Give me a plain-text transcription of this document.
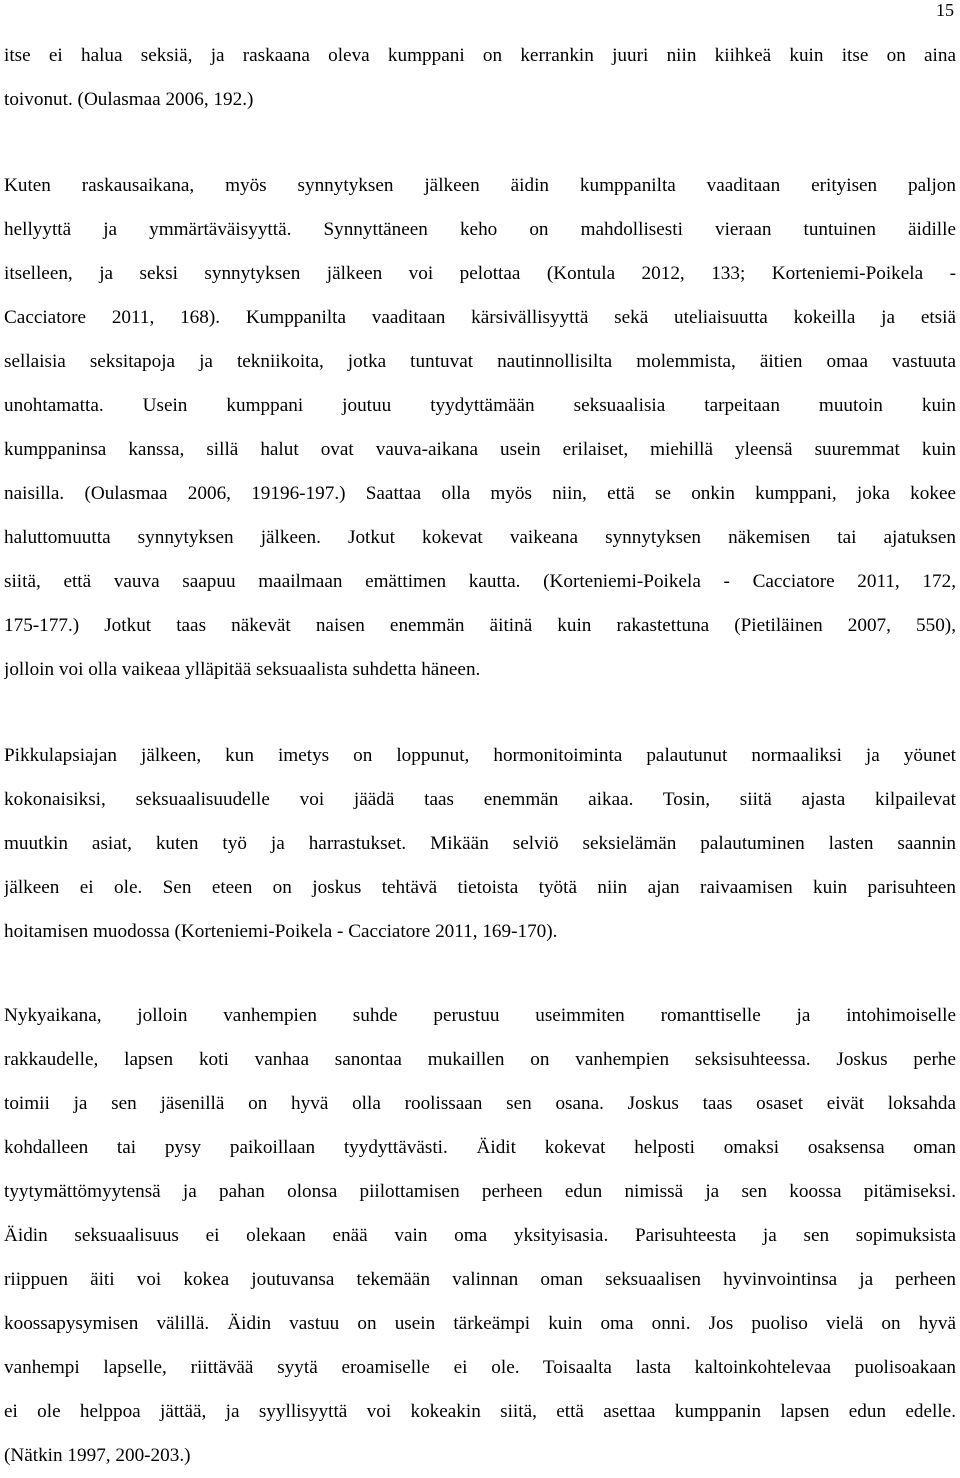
15
itse ei halua seksiä, ja raskaana oleva kumppani on kerrankin juuri niin kiihkeä kuin itse on aina
toivonut. (Oulasmaa 2006, 192.)
Kuten raskausaikana, myös synnytyksen jälkeen äidin kumppanilta vaaditaan erityisen paljon
hellyyttä ja ymmärtäväisyyttä. Synnyttäneen keho on mahdollisesti vieraan tuntuinen äidille
itselleen, ja seksi synnytyksen jälkeen voi pelottaa (Kontula 2012, 133; Korteniemi-Poikela -
Cacciatore 2011, 168). Kumppanilta vaaditaan kärsivällisyyttä sekä uteliaisuutta kokeilla ja etsiä
sellaisia seksitapoja ja tekniikoita, jotka tuntuvat nautinnollisilta molemmista, äitien omaa vastuuta
unohtamatta. Usein kumppani joutuu tyydyttämään seksuaalisia tarpeitaan muutoin kuin
kumppaninsa kanssa, sillä halut ovat vauva-aikana usein erilaiset, miehillä yleensä suuremmat kuin
naisilla. (Oulasmaa 2006, 19196-197.) Saattaa olla myös niin, että se onkin kumppani, joka kokee
haluttomuutta synnytyksen jälkeen. Jotkut kokevat vaikeana synnytyksen näkemisen tai ajatuksen
siitä, että vauva saapuu maailmaan emättimen kautta. (Korteniemi-Poikela - Cacciatore 2011, 172,
175-177.) Jotkut taas näkevät naisen enemmän äitinä kuin rakastettuna (Pietiläinen 2007, 550),
jolloin voi olla vaikeaa ylläpitää seksuaalista suhdetta häneen.
Pikkulapsiajan jälkeen, kun imetys on loppunut, hormonitoiminta palautunut normaaliksi ja yöunet
kokonaisiksi, seksuaalisuudelle voi jäädä taas enemmän aikaa. Tosin, siitä ajasta kilpailevat
muutkin asiat, kuten työ ja harrastukset. Mikään selviö seksielämän palautuminen lasten saannin
jälkeen ei ole. Sen eteen on joskus tehtävä tietoista työtä niin ajan raivaamisen kuin parisuhteen
hoitamisen muodossa (Korteniemi-Poikela - Cacciatore 2011, 169-170).
Nykyaikana, jolloin vanhempien suhde perustuu useimmiten romanttiselle ja intohimoiselle
rakkaudelle, lapsen koti vanhaa sanontaa mukaillen on vanhempien seksisuhteessa. Joskus perhe
toimii ja sen jäsenillä on hyvä olla roolissaan sen osana. Joskus taas osaset eivät loksahda
kohdalleen tai pysy paikoillaan tyydyttävästi. Äidit kokevat helposti omaksi osaksensa oman
tyytymättömyytensä ja pahan olonsa piilottamisen perheen edun nimissä ja sen koossa pitämiseksi.
Äidin seksuaalisuus ei olekaan enää vain oma yksityisasia. Parisuhteesta ja sen sopimuksista
riippuen äiti voi kokea joutuvansa tekemään valinnan oman seksuaalisen hyvinvointinsa ja perheen
koossapysymisen välillä. Äidin vastuu on usein tärkeämpi kuin oma onni. Jos puoliso vielä on hyvä
vanhempi lapselle, riittävää syytä eroamiselle ei ole. Toisaalta lasta kaltoinkohtelevaa puolisoakaan
ei ole helppoa jättää, ja syyllisyyttä voi kokeakin siitä, että asettaa kumppanin lapsen edun edelle.
(Nätkin 1997, 200-203.)
